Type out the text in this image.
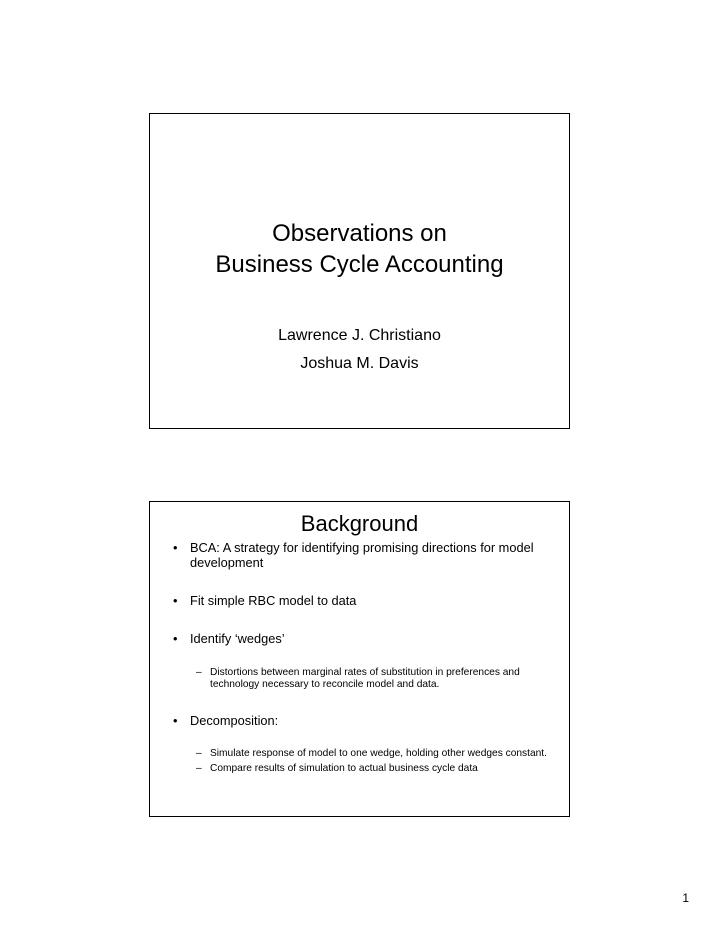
Observations on
Business Cycle Accounting
Lawrence J. Christiano
Joshua M. Davis
Background
• BCA: A strategy for identifying promising directions for model development
• Fit simple RBC model to data
• Identify ‘wedges’
– Distortions between marginal rates of substitution in preferences and technology necessary to reconcile model and data.
• Decomposition:
– Simulate response of model to one wedge, holding other wedges constant.
– Compare results of simulation to actual business cycle data
1
